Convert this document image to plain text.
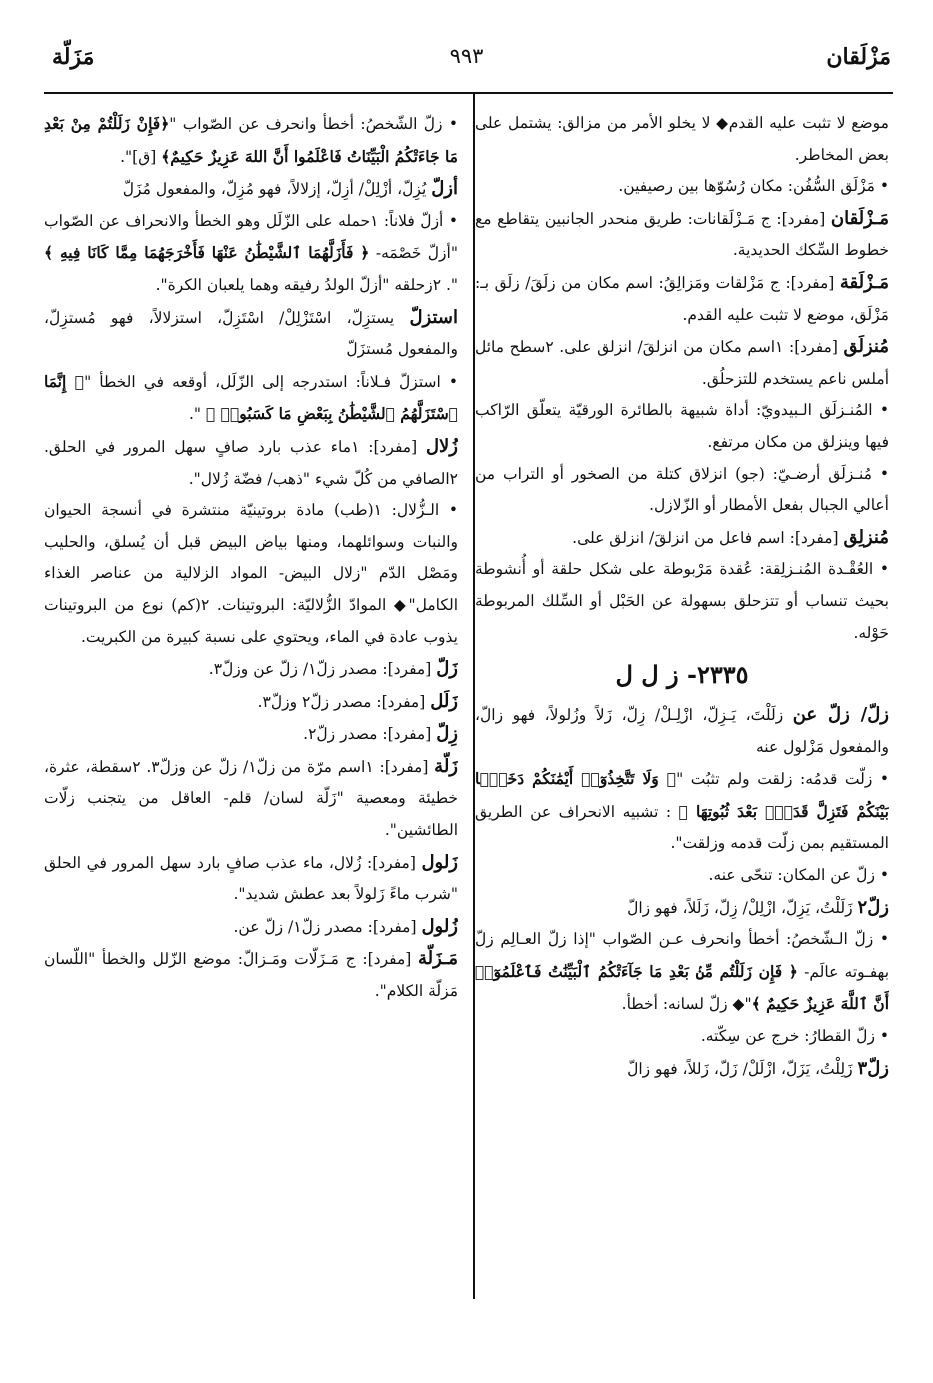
مَزَلّة	٩٩٣	مَزْلَقان

موضع لا تثبت عليه القدم◆ لا يخلو الأمر من مزالق: يشتمل على بعض المخاطر.

• مَزْلَق السُّفُن: مكان رُسُوّها بين رصيفين.

مَـزْلَقان [مفرد]: ج مَـزْلَقانات: طريق منحدر الجانبين يتقاطع مع خطوط السِّكك الحديدية.

مَـزْلَقة [مفرد]: ج مَزْلقات ومَزالِقُ: اسم مكان من زلَقَ/ زلَق بـ: مَزْلَق، موضع لا تثبت عليه القدم.

مُنزلَق [مفرد]: ١اسم مكان من انزلقَ/ انزلق على. ٢سطح مائل أملس ناعم يستخدم للتزحلُق.

• المُنـزلَق الـبيدويّ: أداة شبيهة بالطائرة الورقيّة يتعلّق الرّاكب فيها وينزلق من مكان مرتفع.

• مُنـزلَق أرضـيّ: (جو) انزلاق كتلة من الصخور أو التراب من أعالي الجبال بفعل الأمطار أو الزّلازل.

مُنزلِق [مفرد]: اسم فاعل من انزلقَ/ انزلق على.

• العُقْـدة المُنـزلِقة: عُقدة مَرْبوطة على شكل حلقة أو أُنشوطة بحيث تنساب أو تتزحلق بسهولة عن الحَبْل أو السِّلك المربوطة حَوْله.

٢٣٣٥- ز ل ل

زلّ/ زلّ عن زلَلْتَ، يَـزِلّ، ازْلِـلْ/ زِلّ، زَلاً وزُلولاً، فهو زالّ، والمفعول مَزْلول عنه

• زلّت قدمُه: زلقت ولم تثبُت "﴿ وَلَا تَتَّخِذُوٓا۟ أَيْمَٰنَكُمْ دَخَلًۢا بَيْنَكُمْ فَتَزِلَّ قَدَمٌۢ بَعْدَ ثُبُوتِهَا ﴾ : تشبيه الانحراف عن الطريق المستقيم بمن زلّت قدمه وزلقت".

• زلّ عن المكان: تنحّى عنه.

زلّ٢ زَلَلْتُ، يَزِلّ، ازْلِلْ/ زِلّ، زَلَلاً، فهو زالّ

• زلّ الـشّخصُ: أخطأ وانحرف عـن الصّواب "إذا زلّ العـالِم زلّ بهفـوته عالَم- ﴿ فَإِن زَلَلْتُم مِّنۢ بَعْدِ مَا جَآءَتْكُمُ ٱلْبَيِّنَٰتُ فَٱعْلَمُوٓا۟ أَنَّ ٱللَّهَ عَزِيزٌ حَكِيمٌ ﴾"◆ زلّ لسانه: أخطأ.

• زلّ القطارُ: خرج عن سِكّته.

زلّ٣ زَلِلْتُ، يَزَلّ، ازْلَلْ/ زَلّ، زَللاً، فهو زالّ

• زلّ الشّخصُ: أخطأ وانحرف عن الصّواب "﴿فَإِنْ زَلَلْتُمْ مِنْ بَعْدِ مَا جَاءَتْكُمُ الْبَيِّنَاتُ فَاعْلَمُوا أَنَّ اللهَ عَزِيزٌ حَكِيمٌ﴾ [ق]".

أزلّ يُزِلّ، أزْلِلْ/ أزِلّ، إزلالاً، فهو مُزِلّ، والمفعول مُزَلّ

• أزلّ فلاناً: ١حمله على الزّلَل وهو الخطأ والانحراف عن الصّواب "أزلّ خَصْمَه- ﴿ فَأَزَلَّهُمَا ٱلشَّيْطَٰنُ عَنْهَا فَأَخْرَجَهُمَا مِمَّا كَانَا فِيهِ ﴾ ". ٢زحلقه "أزلّ الولدُ رفيقه وهما يلعبان الكرة".

استزلّ يستزِلّ، اسْتَزْلِلْ/ اسْتَزِلّ، استزلالاً، فهو مُستزِلّ، والمفعول مُستزَلّ

• استزلّ فـلاناً: استدرجه إلى الزّلَل، أوقعه في الخطأ "﴿ إِنَّمَا ٱسْتَزَلَّهُمُ ٱلشَّيْطَٰنُ بِبَعْضِ مَا كَسَبُوا۟ ﴾ ".

زُلال [مفرد]: ١ماء عذب بارد صافٍ سهل المرور في الحلق. ٢الصافي من كُلّ شيء "ذهب/ فضّة زُلال".

• الـزُّلال: ١(طب) مادة بروتينيّة منتشرة في أنسجة الحيوان والنبات وسوائلهما، ومنها بياض البيض قبل أن يُسلق، والحليب ومَصْل الدّم "زلال البيض- المواد الزلالية من عناصر الغذاء الكامل"◆ الموادّ الزُّلاليّة: البروتينات. ٢(كم) نوع من البروتينات يذوب عادة في الماء، ويحتوي على نسبة كبيرة من الكبريت.

زَلّ [مفرد]: مصدر زلّ١/ زلّ عن وزلّ٣.

زَلَل [مفرد]: مصدر زلّ٢ وزلّ٣.

زِلّ [مفرد]: مصدر زلّ٢.

زَلّة [مفرد]: ١اسم مرّة من زلّ١/ زلّ عن وزلّ٣. ٢سقطة، عثرة، خطيئة ومعصية "زَلّة لسان/ قلم- العاقل من يتجنب زلّات الطائشين".

زَلول [مفرد]: زُلال، ماء عذب صافٍ بارد سهل المرور في الحلق "شرب ماءً زَلولاً بعد عطش شديد".

زُلول [مفرد]: مصدر زلّ١/ زلّ عن.

مَـزَلّة [مفرد]: ج مَـزَلّات ومَـزالّ: موضع الزّلل والخطأ "اللّسان مَزلّة الكلام".
